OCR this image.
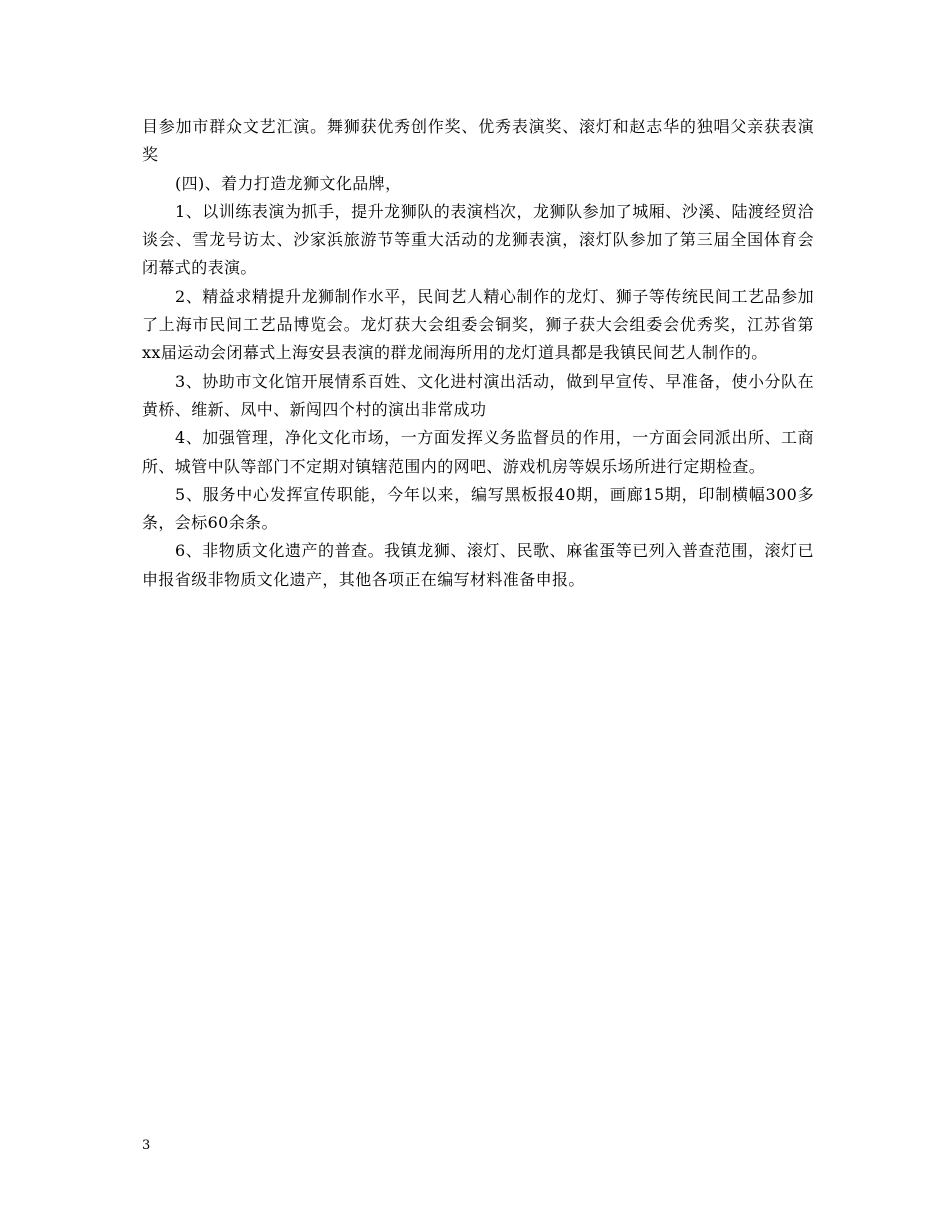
目参加市群众文艺汇演。舞狮获优秀创作奖、优秀表演奖、滚灯和赵志华的独唱父亲获表演奖

(四)、着力打造龙狮文化品牌，

1、以训练表演为抓手，提升龙狮队的表演档次，龙狮队参加了城厢、沙溪、陆渡经贸洽谈会、雪龙号访太、沙家浜旅游节等重大活动的龙狮表演，滚灯队参加了第三届全国体育会闭幕式的表演。

2、精益求精提升龙狮制作水平，民间艺人精心制作的龙灯、狮子等传统民间工艺品参加了上海市民间工艺品博览会。龙灯获大会组委会铜奖，狮子获大会组委会优秀奖，江苏省第xx届运动会闭幕式上海安县表演的群龙闹海所用的龙灯道具都是我镇民间艺人制作的。

3、协助市文化馆开展情系百姓、文化进村演出活动，做到早宣传、早准备，使小分队在黄桥、维新、凤中、新闯四个村的演出非常成功

4、加强管理，净化文化市场，一方面发挥义务监督员的作用，一方面会同派出所、工商所、城管中队等部门不定期对镇辖范围内的网吧、游戏机房等娱乐场所进行定期检查。

5、服务中心发挥宣传职能，今年以来，编写黑板报40期，画廊15期，印制横幅300多条，会标60余条。

6、非物质文化遗产的普查。我镇龙狮、滚灯、民歌、麻雀蛋等已列入普查范围，滚灯已申报省级非物质文化遗产，其他各项正在编写材料准备申报。

3
